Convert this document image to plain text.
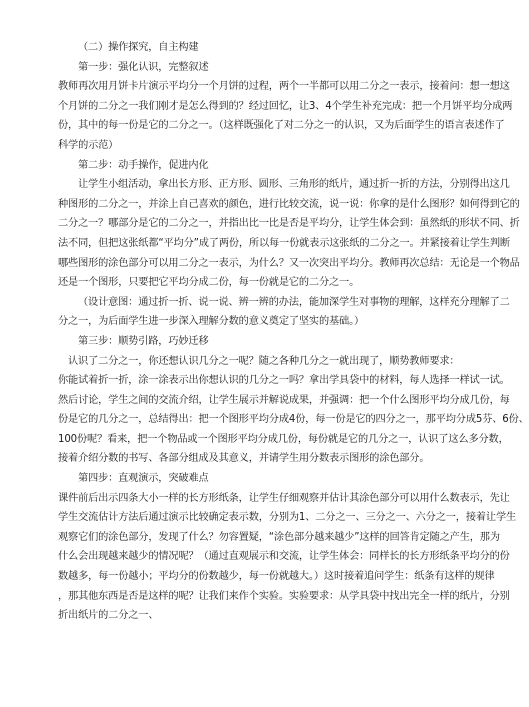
（二）操作探究，自主构建
第一步：强化认识，完整叙述
教师再次用月饼卡片演示平均分一个月饼的过程，两个一半都可以用二分之一表示，接着问：想一想这
个月饼的二分之一我们刚才是怎么得到的？经过回忆，让3、4个学生补充完成：把一个月饼平均分成两
份，其中的每一份是它的二分之一。（这样既强化了对二分之一的认识，又为后面学生的语言表述作了
科学的示范）
第二步：动手操作，促进内化
让学生小组活动，拿出长方形、正方形、圆形、三角形的纸片，通过折一折的方法，分别得出这几
种图形的二分之一，并涂上自己喜欢的颜色，进行比较交流，说一说：你拿的是什么图形？如何得到它的
二分之一？哪部分是它的二分之一，并指出比一比是否是平均分，让学生体会到：虽然纸的形状不同、折
法不同，但把这张纸都“平均分”成了两份，所以每一份就表示这张纸的二分之一。并紧接着让学生判断
哪些图形的涂色部分可以用二分之一表示，为什么？又一次突出平均分。教师再次总结：无论是一个物品
还是一个图形，只要把它平均分成二份，每一份就是它的二分之一。
（设计意图：通过折一折、说一说、辨一辨的办法，能加深学生对事物的理解，这样充分理解了二
分之一，为后面学生进一步深入理解分数的意义奠定了坚实的基础。）
第三步：顺势引路，巧妙迁移
认识了二分之一，你还想认识几分之一呢？随之各种几分之一就出现了，顺势教师要求：
你能试着折一折，涂一涂表示出你想认识的几分之一吗？拿出学具袋中的材料，每人选择一样试一试。
然后讨论，学生之间的交流介绍，让学生展示并解说成果，并强调：把一个什么图形平均分成几份，每
份是它的几分之一，总结得出：把一个图形平均分成4份，每一份是它的四分之一，那平均分成5芬、6份、
100份呢？看来，把一个物品或一个图形平均分成几份，每份就是它的几分之一，认识了这么多分数，
接着介绍分数的书写、各部分组成及其意义，并请学生用分数表示图形的涂色部分。
第四步：直观演示，突破难点
课件前后出示四条大小一样的长方形纸条，让学生仔细观察并估计其涂色部分可以用什么数表示，先让
学生交流估计方法后通过演示比较确定表示数，分别为1、二分之一、三分之一、六分之一，接着让学生
观察它们的涂色部分，发现了什么？勿容置疑，“涂色部分越来越少”这样的回答肯定随之产生，那为
什么会出现越来越少的情况呢？（通过直观展示和交流，让学生体会：同样长的长方形纸条平均分的份
数越多，每一份越小；平均分的份数越少，每一份就越大。）这时接着追问学生：纸条有这样的规律
，那其他东西是否是这样的呢？让我们来作个实验。实验要求：从学具袋中找出完全一样的纸片，分别
折出纸片的二分之一、
